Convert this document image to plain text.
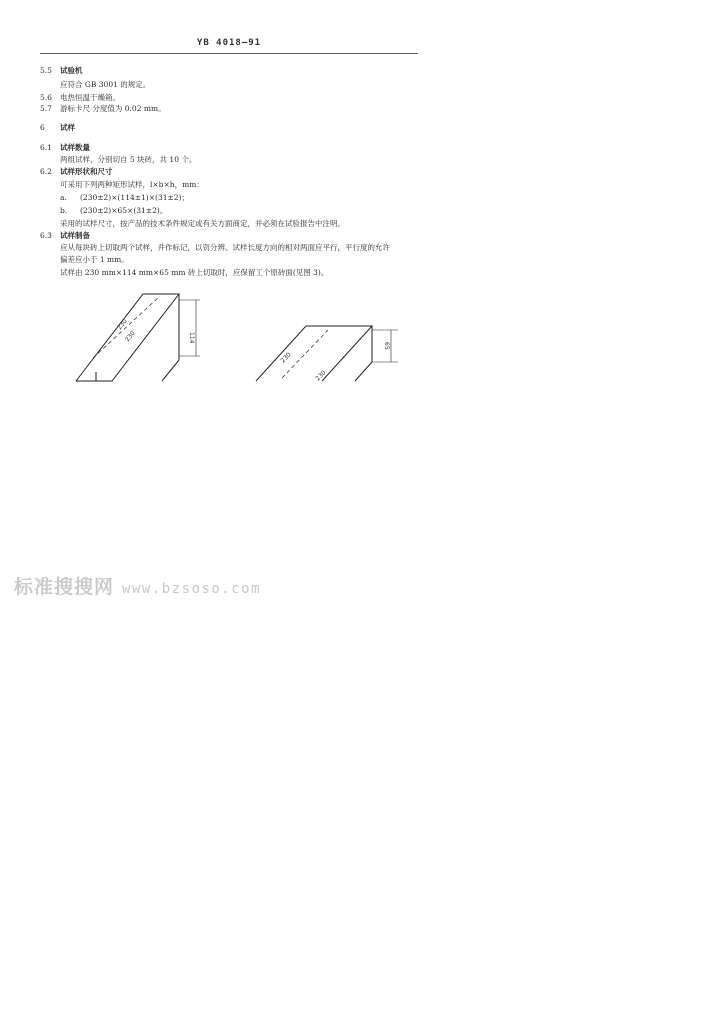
YB 4018—91
5.5 试验机
应符合 GB 3001 的规定。
5.6 电热恒温干燥箱。
5.7 游标卡尺 分度值为 0.02 mm。
6 试样
6.1 试样数量
两组试样，分别切自 5 块砖，共 10 个。
6.2 试样形状和尺寸
可采用下列两种矩形试样，l×b×h，mm：
a. (230±2)×(114±1)×(31±2)；
b. (230±2)×65×(31±2)。
采用的试样尺寸，按产品的技术条件规定或有关方面商定，并必须在试验报告中注明。
6.3 试样制备
应从每块砖上切取两个试样，并作标记，以资分辨。试样长度方向的相对两面应平行，平行度的允许
偏差应小于 1 mm。
试样由 230 mm×114 mm×65 mm 砖上切取时，应保留工个原砖面(见图 3)。
230
230	114
230
230
65
标准搜搜网 www.bzsoso.com
